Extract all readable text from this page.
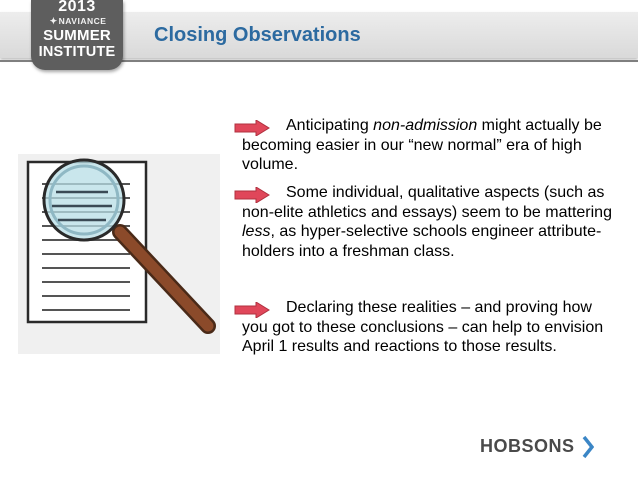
Closing Observations
2013
✦NAVIANCE
SUMMER
INSTITUTE

Anticipating non-admission might actually be becoming easier in our “new normal” era of high volume.

Some individual, qualitative aspects (such as non-elite athletics and essays) seem to be mattering less, as hyper-selective schools engineer attribute- holders into a freshman class.

Declaring these realities – and proving how you got to these conclusions – can help to envision April 1 results and reactions to those results.

HOBSONS
